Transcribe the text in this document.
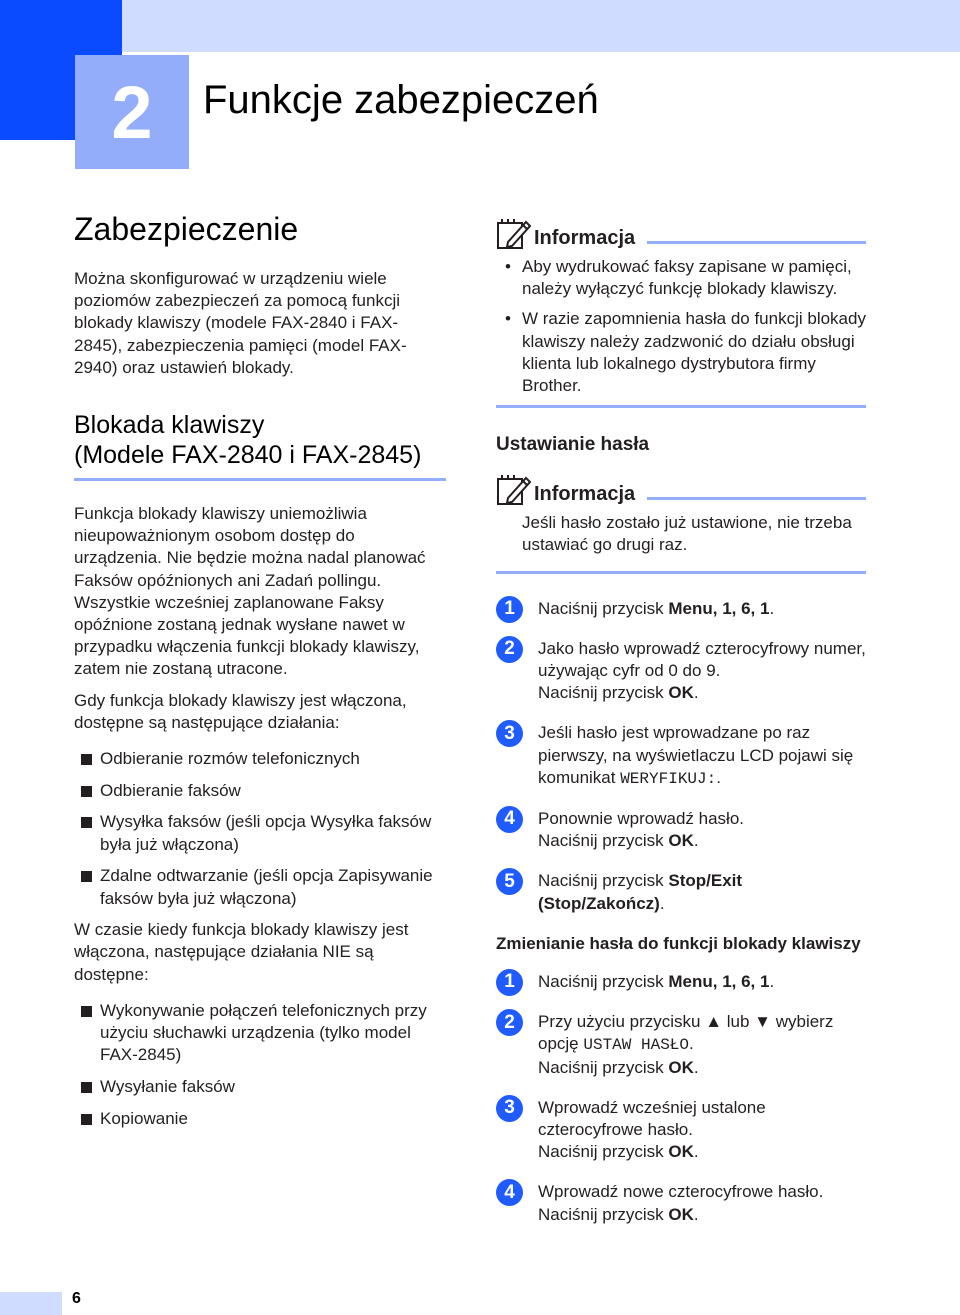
2 Funkcje zabezpieczeń
Zabezpieczenie

Można skonfigurować w urządzeniu wiele poziomów zabezpieczeń za pomocą funkcji blokady klawiszy (modele FAX-2840 i FAX-2845), zabezpieczenia pamięci (model FAX-2940) oraz ustawień blokady.

Blokada klawiszy
(Modele FAX-2840 i FAX-2845)

Funkcja blokady klawiszy uniemożliwia nieupoważnionym osobom dostęp do urządzenia. Nie będzie można nadal planować Faksów opóźnionych ani Zadań pollingu. Wszystkie wcześniej zaplanowane Faksy opóźnione zostaną jednak wysłane nawet w przypadku włączenia funkcji blokady klawiszy, zatem nie zostaną utracone.

Gdy funkcja blokady klawiszy jest włączona, dostępne są następujące działania:

Odbieranie rozmów telefonicznych
Odbieranie faksów
Wysyłka faksów (jeśli opcja Wysyłka faksów była już włączona)
Zdalne odtwarzanie (jeśli opcja Zapisywanie faksów była już włączona)

W czasie kiedy funkcja blokady klawiszy jest włączona, następujące działania NIE są dostępne:

Wykonywanie połączeń telefonicznych przy użyciu słuchawki urządzenia (tylko model FAX-2845)
Wysyłanie faksów
Kopiowanie
Informacja
• Aby wydrukować faksy zapisane w pamięci, należy wyłączyć funkcję blokady klawiszy.
• W razie zapomnienia hasła do funkcji blokady klawiszy należy zadzwonić do działu obsługi klienta lub lokalnego dystrybutora firmy Brother.
Ustawianie hasła
Informacja
Jeśli hasło zostało już ustawione, nie trzeba ustawiać go drugi raz.
1	Naciśnij przycisk Menu, 1, 6, 1.
2	Jako hasło wprowadź czterocyfrowy numer, używając cyfr od 0 do 9.
Naciśnij przycisk OK.
3	Jeśli hasło jest wprowadzane po raz pierwszy, na wyświetlaczu LCD pojawi się komunikat WERYFIKUJ:.
4	Ponownie wprowadź hasło.
Naciśnij przycisk OK.
5	Naciśnij przycisk Stop/Exit (Stop/Zakończ).
Zmienianie hasła do funkcji blokady klawiszy
1	Naciśnij przycisk Menu, 1, 6, 1.
2	Przy użyciu przycisku ▲ lub ▼ wybierz opcję USTAW HASŁO.
Naciśnij przycisk OK.
3	Wprowadź wcześniej ustalone czterocyfrowe hasło.
Naciśnij przycisk OK.
4	Wprowadź nowe czterocyfrowe hasło.
Naciśnij przycisk OK.
6
